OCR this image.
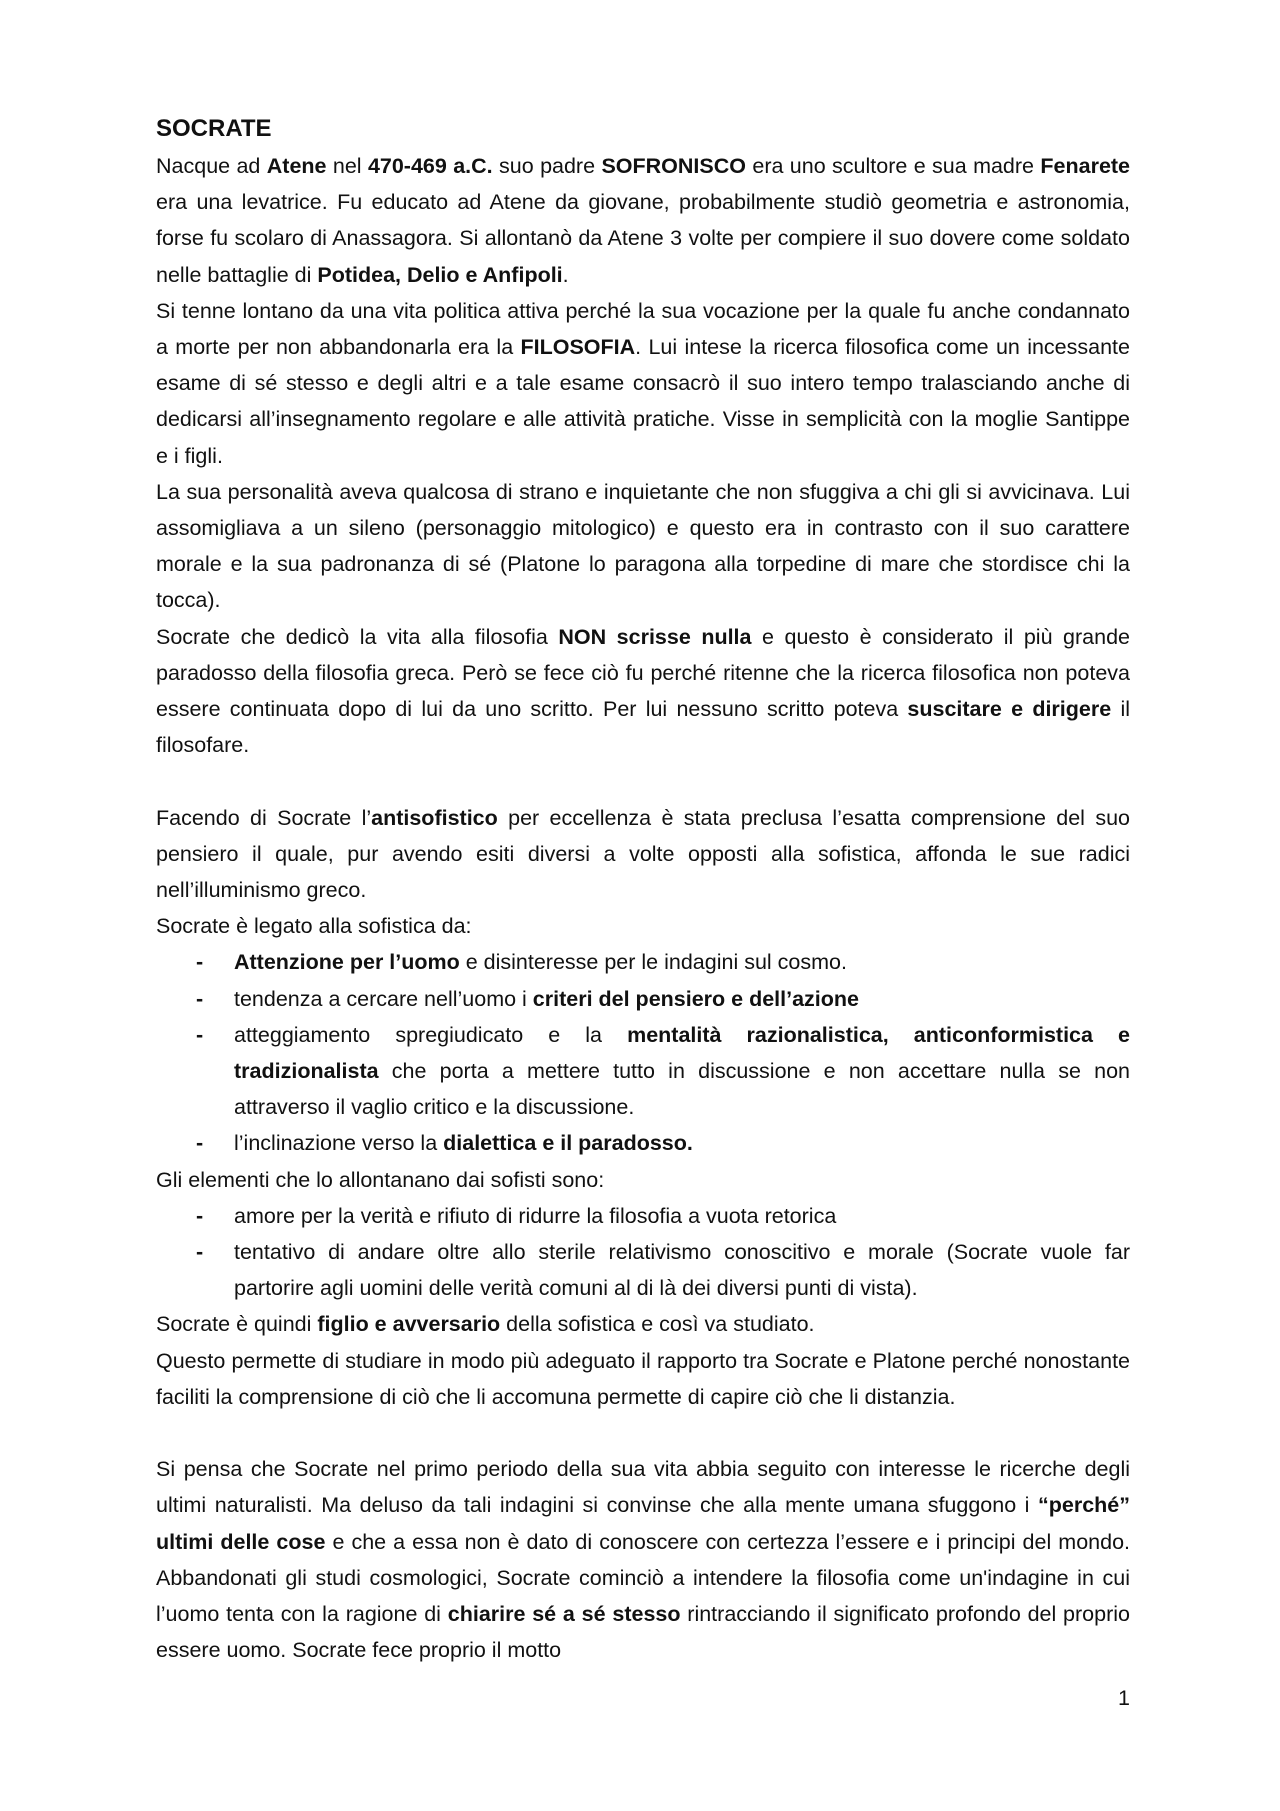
SOCRATE

Nacque ad Atene nel 470-469 a.C. suo padre SOFRONISCO era uno scultore e sua madre Fenarete era una levatrice. Fu educato ad Atene da giovane, probabilmente studiò geometria e astronomia, forse fu scolaro di Anassagora. Si allontanò da Atene 3 volte per compiere il suo dovere come soldato nelle battaglie di Potidea, Delio e Anfipoli.

Si tenne lontano da una vita politica attiva perché la sua vocazione per la quale fu anche condannato a morte per non abbandonarla era la FILOSOFIA. Lui intese la ricerca filosofica come un incessante esame di sé stesso e degli altri e a tale esame consacrò il suo intero tempo tralasciando anche di dedicarsi all’insegnamento regolare e alle attività pratiche. Visse in semplicità con la moglie Santippe e i figli.

La sua personalità aveva qualcosa di strano e inquietante che non sfuggiva a chi gli si avvicinava. Lui assomigliava a un sileno (personaggio mitologico) e questo era in contrasto con il suo carattere morale e la sua padronanza di sé (Platone lo paragona alla torpedine di mare che stordisce chi la tocca).

Socrate che dedicò la vita alla filosofia NON scrisse nulla e questo è considerato il più grande paradosso della filosofia greca. Però se fece ciò fu perché ritenne che la ricerca filosofica non poteva essere continuata dopo di lui da uno scritto. Per lui nessuno scritto poteva suscitare e dirigere il filosofare.

Facendo di Socrate l’antisofistico per eccellenza è stata preclusa l’esatta comprensione del suo pensiero il quale, pur avendo esiti diversi a volte opposti alla sofistica, affonda le sue radici nell’illuminismo greco.

Socrate è legato alla sofistica da:

- Attenzione per l’uomo e disinteresse per le indagini sul cosmo.
- tendenza a cercare nell’uomo i criteri del pensiero e dell’azione
- atteggiamento spregiudicato e la mentalità razionalistica, anticonformistica e tradizionalista che porta a mettere tutto in discussione e non accettare nulla se non attraverso il vaglio critico e la discussione.
- l’inclinazione verso la dialettica e il paradosso.

Gli elementi che lo allontanano dai sofisti sono:

- amore per la verità e rifiuto di ridurre la filosofia a vuota retorica
- tentativo di andare oltre allo sterile relativismo conoscitivo e morale (Socrate vuole far partorire agli uomini delle verità comuni al di là dei diversi punti di vista).

Socrate è quindi figlio e avversario della sofistica e così va studiato.

Questo permette di studiare in modo più adeguato il rapporto tra Socrate e Platone perché nonostante faciliti la comprensione di ciò che li accomuna permette di capire ciò che li distanzia.

Si pensa che Socrate nel primo periodo della sua vita abbia seguito con interesse le ricerche degli ultimi naturalisti. Ma deluso da tali indagini si convinse che alla mente umana sfuggono i “perché” ultimi delle cose e che a essa non è dato di conoscere con certezza l’essere e i principi del mondo. Abbandonati gli studi cosmologici, Socrate cominciò a intendere la filosofia come un'indagine in cui l’uomo tenta con la ragione di chiarire sé a sé stesso rintracciando il significato profondo del proprio essere uomo. Socrate fece proprio il motto

1
